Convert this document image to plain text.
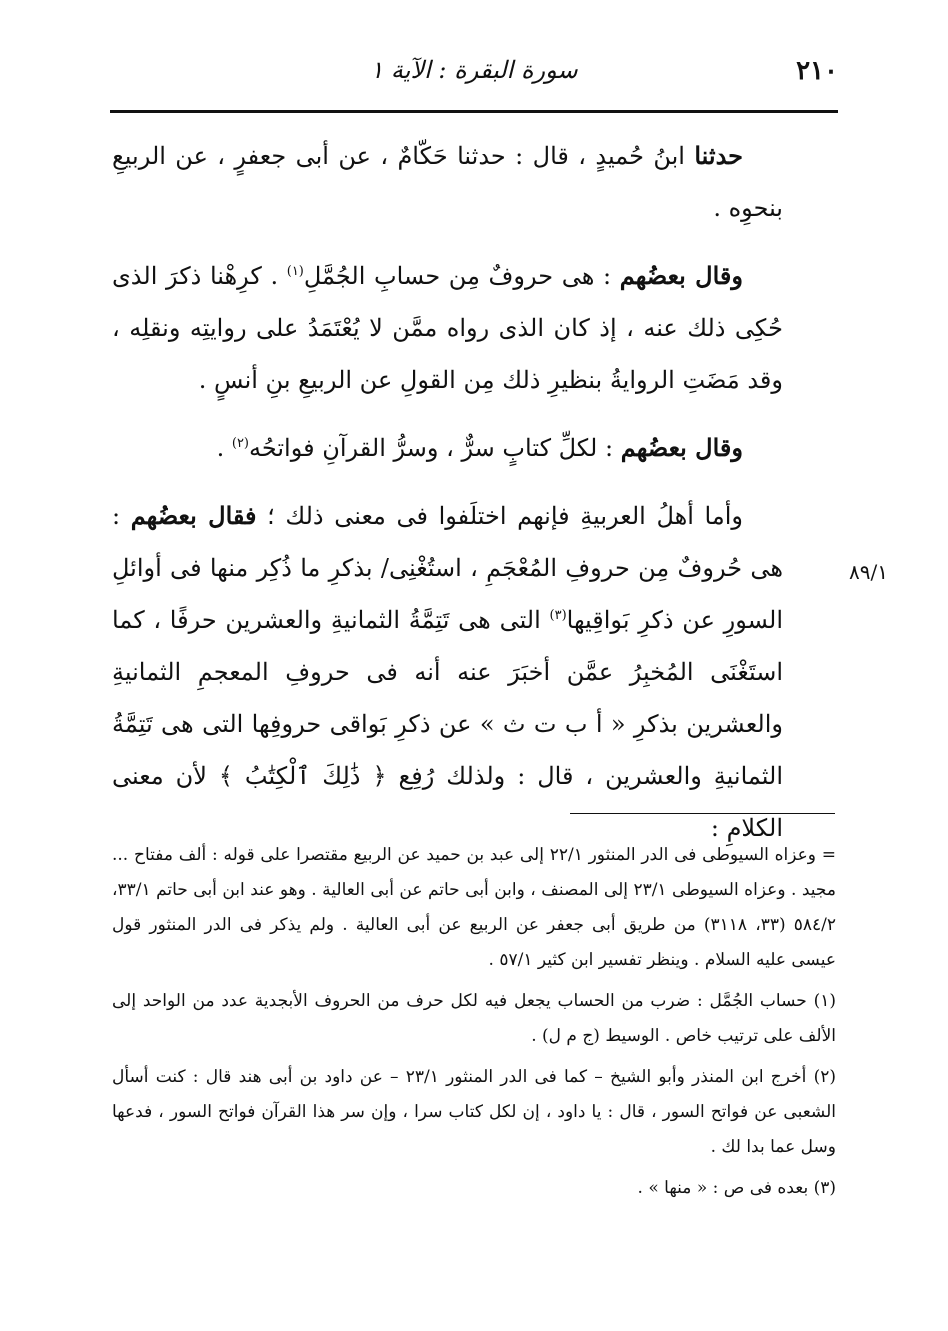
٢١٠
سورة البقرة : الآية ١
٨٩/١

حدثنا ابنُ حُميدٍ ، قال : حدثنا حَكّامٌ ، عن أبى جعفرٍ ، عن الربيعِ بنحوِه .

وقال بعضُهم : هى حروفٌ مِن حسابِ الجُمَّلِ$^{(١)}$ . كرِهْنا ذكرَ الذى حُكِى ذلك عنه ، إذ كان الذى رواه ممَّن لا يُعْتَمَدُ على روايتِه ونقلِه ، وقد مَضَتِ الروايةُ بنظيرِ ذلك مِن القولِ عن الربيعِ بنِ أنسٍ .

وقال بعضُهم : لكلِّ كتابٍ سرٌّ ، وسرُّ القرآنِ فواتحُه$^{(٢)}$ .

وأما أهلُ العربيةِ فإنهم اختلَفوا فى معنى ذلك ؛ فقال بعضُهم : هى حُروفٌ مِن حروفِ المُعْجَمِ ، استُغْنِى/ بذكرِ ما ذُكِر منها فى أوائلِ السورِ عن ذكرِ بَواقِيها$^{(٣)}$ التى هى تَتِمَّةُ الثمانيةِ والعشرين حرفًا ، كما استَغْنَى المُخبِرُ عمَّن أخبَرَ عنه أنه فى حروفِ المعجمِ الثمانيةِ والعشرين بذكرِ « أ ب ت ث » عن ذكرِ بَواقى حروفِها التى هى تَتِمَّةُ الثمانيةِ والعشرين ، قال : ولذلك رُفِع ﴿ ذَٰلِكَ ٱلْكِتَٰبُ ﴾ لأن معنى الكلامِ :

= وعزاه السيوطى فى الدر المنثور ٢٢/١ إلى عبد بن حميد عن الربيع مقتصرا على قوله : ألف مفتاح ... مجيد . وعزاه السيوطى ٢٣/١ إلى المصنف ، وابن أبى حاتم عن أبى العالية . وهو عند ابن أبى حاتم ٣٣/١، ٥٨٤/٢ (٣٣، ٣١١٨) من طريق أبى جعفر عن الربيع عن أبى العالية . ولم يذكر فى الدر المنثور قول عيسى عليه السلام . وينظر تفسير ابن كثير ٥٧/١ .

(١) حساب الجُمَّل : ضرب من الحساب يجعل فيه لكل حرف من الحروف الأبجدية عدد من الواحد إلى الألف على ترتيب خاص . الوسيط (ج م ل) .

(٢) أخرج ابن المنذر وأبو الشيخ – كما فى الدر المنثور ٢٣/١ – عن داود بن أبى هند قال : كنت أسأل الشعبى عن فواتح السور ، قال : يا داود ، إن لكل كتاب سرا ، وإن سر هذا القرآن فواتح السور ، فدعها وسل عما بدا لك .

(٣) بعده فى ص : « منها » .
